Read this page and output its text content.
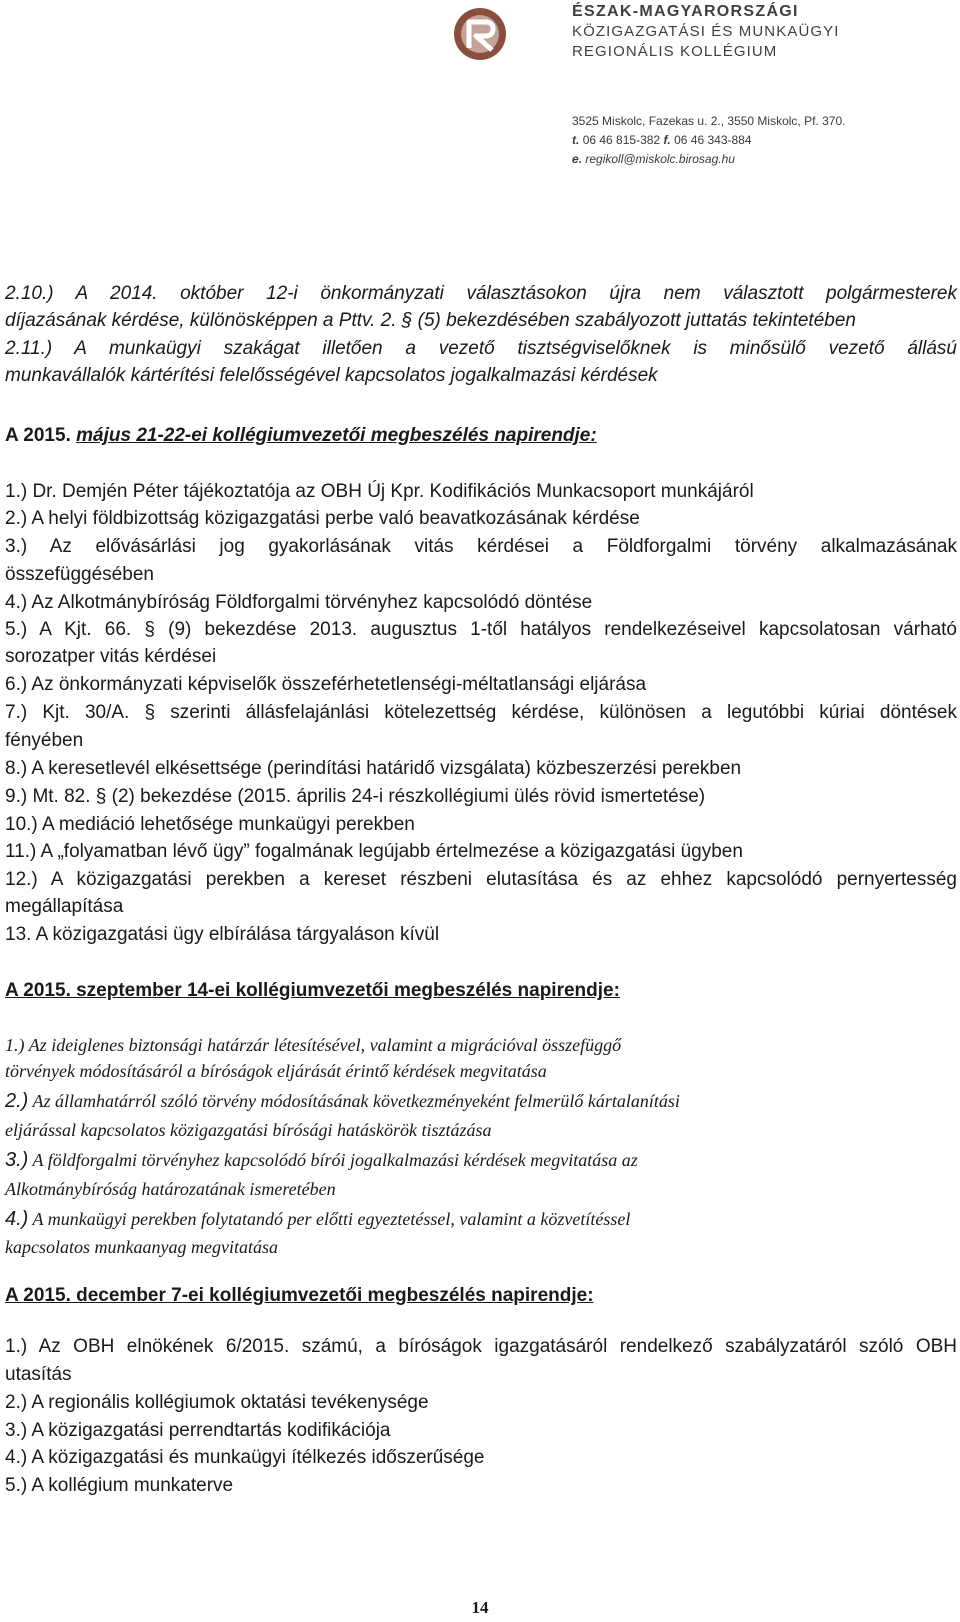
ÉSZAK-MAGYARORSZÁGI
KÖZIGAZGATÁSI ÉS MUNKAÜGYI
REGIONÁLIS KOLLÉGIUM
3525 Miskolc, Fazekas u. 2., 3550 Miskolc, Pf. 370.
t. 06 46 815-382 f. 06 46 343-884
e. regikoll@miskolc.birosag.hu
2.10.) A 2014. október 12-i önkormányzati választásokon újra nem választott polgármesterek
díjazásának kérdése, különösképpen a Pttv. 2. § (5) bekezdésében szabályozott juttatás tekintetében
2.11.) A munkaügyi szakágat illetően a vezető tisztségviselőknek is minősülő vezető állású
munkavállalók kártérítési felelősségével kapcsolatos jogalkalmazási kérdések
A 2015. május 21-22-ei kollégiumvezetői megbeszélés napirendje:
1.) Dr. Demjén Péter tájékoztatója az OBH Új Kpr. Kodifikációs Munkacsoport munkájáról
2.) A helyi földbizottság közigazgatási perbe való beavatkozásának kérdése
3.) Az elővásárlási jog gyakorlásának vitás kérdései a Földforgalmi törvény alkalmazásának
összefüggésében
4.) Az Alkotmánybíróság Földforgalmi törvényhez kapcsolódó döntése
5.) A Kjt. 66. § (9) bekezdése 2013. augusztus 1-től hatályos rendelkezéseivel kapcsolatosan várható
sorozatper vitás kérdései
6.) Az önkormányzati képviselők összeférhetetlenségi-méltatlansági eljárása
7.) Kjt. 30/A. § szerinti állásfelajánlási kötelezettség kérdése, különösen a legutóbbi kúriai döntések
fényében
8.) A keresetlevél elkésettsége (perindítási határidő vizsgálata) közbeszerzési perekben
9.) Mt. 82. § (2) bekezdése (2015. április 24-i részkollégiumi ülés rövid ismertetése)
10.) A mediáció lehetősége munkaügyi perekben
11.) A „folyamatban lévő ügy” fogalmának legújabb értelmezése a közigazgatási ügyben
12.) A közigazgatási perekben a kereset részbeni elutasítása és az ehhez kapcsolódó pernyertesség
megállapítása
13. A közigazgatási ügy elbírálása tárgyaláson kívül
A 2015. szeptember 14-ei kollégiumvezetői megbeszélés napirendje:
1.) Az ideiglenes biztonsági határzár létesítésével, valamint a migrációval összefüggő
törvények módosításáról a bíróságok eljárását érintő kérdések megvitatása
2.) Az államhatárról szóló törvény módosításának következményeként felmerülő kártalanítási
eljárással kapcsolatos közigazgatási bírósági hatáskörök tisztázása
3.) A földforgalmi törvényhez kapcsolódó bírói jogalkalmazási kérdések megvitatása az
Alkotmánybíróság határozatának ismeretében
4.) A munkaügyi perekben folytatandó per előtti egyeztetéssel, valamint a közvetítéssel
kapcsolatos munkaanyag megvitatása
A 2015. december 7-ei kollégiumvezetői megbeszélés napirendje:
1.) Az OBH elnökének 6/2015. számú, a bíróságok igazgatásáról rendelkező szabályzatáról szóló OBH
utasítás
2.) A regionális kollégiumok oktatási tevékenysége
3.) A közigazgatási perrendtartás kodifikációja
4.) A közigazgatási és munkaügyi ítélkezés időszerűsége
5.) A kollégium munkaterve
14
